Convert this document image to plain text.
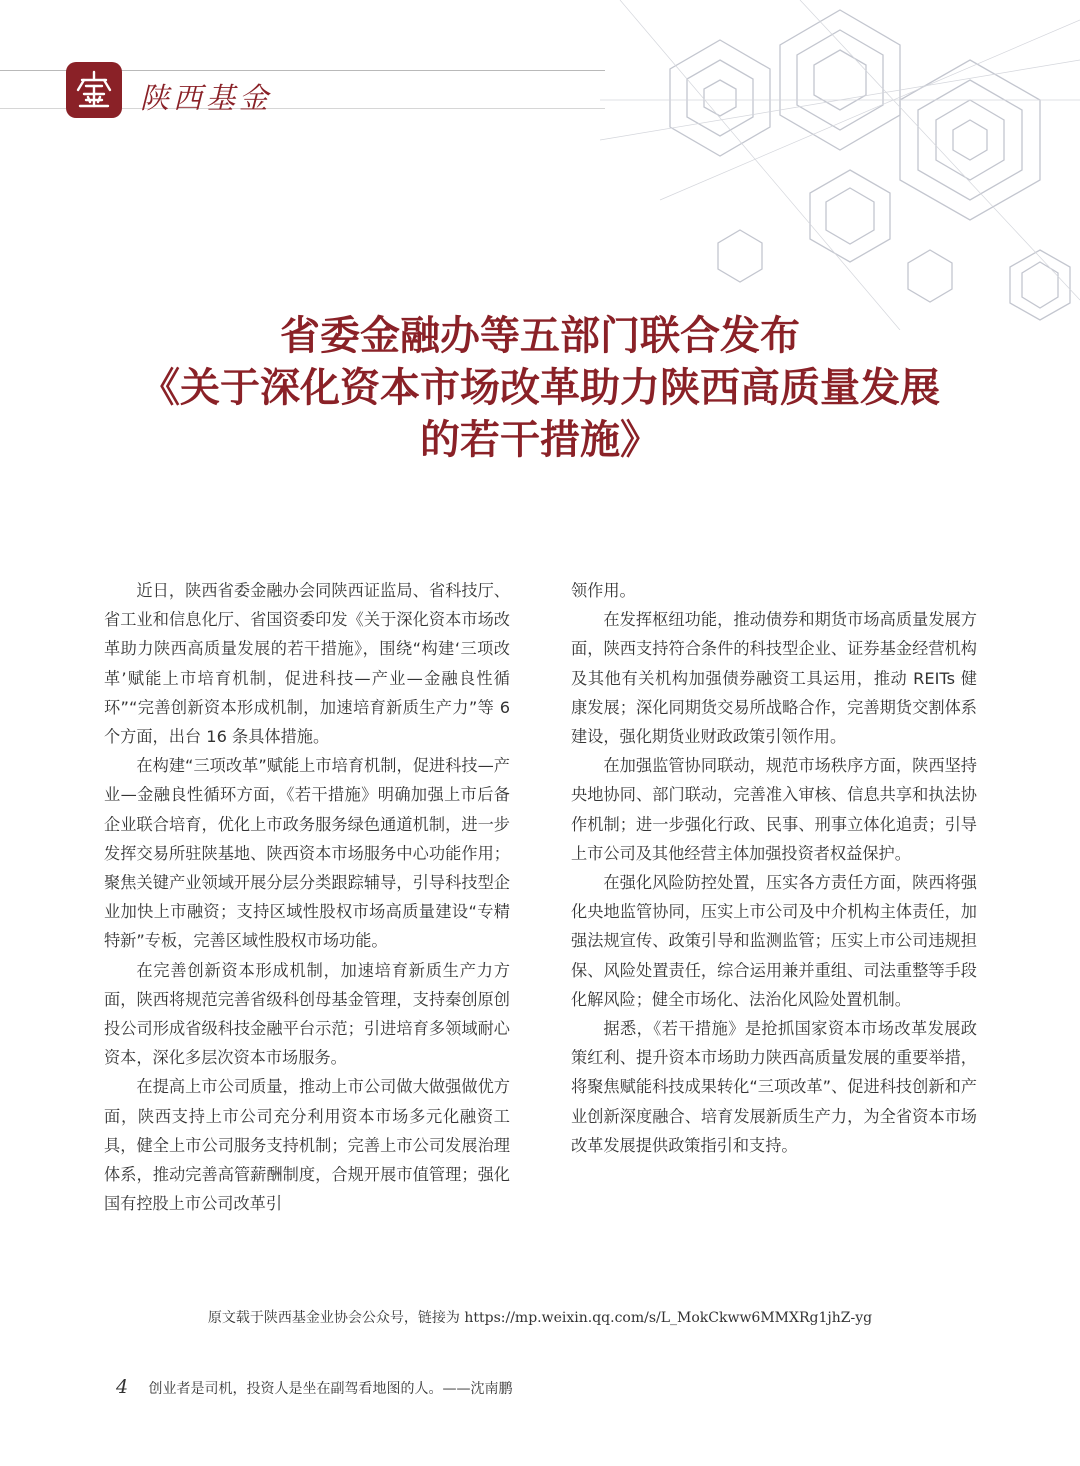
陕西基金
省委金融办等五部门联合发布
《关于深化资本市场改革助力陕西高质量发展
的若干措施》

近日，陕西省委金融办会同陕西证监局、省科技厅、省工业和信息化厅、省国资委印发《关于深化资本市场改革助力陕西高质量发展的若干措施》，围绕“构建‘三项改革’赋能上市培育机制，促进科技—产业—金融良性循环”“完善创新资本形成机制，加速培育新质生产力”等 6 个方面，出台 16 条具体措施。

在构建“三项改革”赋能上市培育机制，促进科技—产业—金融良性循环方面，《若干措施》明确加强上市后备企业联合培育，优化上市政务服务绿色通道机制，进一步发挥交易所驻陕基地、陕西资本市场服务中心功能作用；聚焦关键产业领域开展分层分类跟踪辅导，引导科技型企业加快上市融资；支持区域性股权市场高质量建设“专精特新”专板，完善区域性股权市场功能。

在完善创新资本形成机制，加速培育新质生产力方面，陕西将规范完善省级科创母基金管理，支持秦创原创投公司形成省级科技金融平台示范；引进培育多领域耐心资本，深化多层次资本市场服务。

在提高上市公司质量，推动上市公司做大做强做优方面，陕西支持上市公司充分利用资本市场多元化融资工具，健全上市公司服务支持机制；完善上市公司发展治理体系，推动完善高管薪酬制度，合规开展市值管理；强化国有控股上市公司改革引

领作用。

在发挥枢纽功能，推动债券和期货市场高质量发展方面，陕西支持符合条件的科技型企业、证券基金经营机构及其他有关机构加强债券融资工具运用，推动 REITs 健康发展；深化同期货交易所战略合作，完善期货交割体系建设，强化期货业财政政策引领作用。

在加强监管协同联动，规范市场秩序方面，陕西坚持央地协同、部门联动，完善准入审核、信息共享和执法协作机制；进一步强化行政、民事、刑事立体化追责；引导上市公司及其他经营主体加强投资者权益保护。

在强化风险防控处置，压实各方责任方面，陕西将强化央地监管协同，压实上市公司及中介机构主体责任，加强法规宣传、政策引导和监测监管；压实上市公司违规担保、风险处置责任，综合运用兼并重组、司法重整等手段化解风险；健全市场化、法治化风险处置机制。

据悉，《若干措施》是抢抓国家资本市场改革发展政策红利、提升资本市场助力陕西高质量发展的重要举措，将聚焦赋能科技成果转化“三项改革”、促进科技创新和产业创新深度融合、培育发展新质生产力，为全省资本市场改革发展提供政策指引和支持。

原文载于陕西基金业协会公众号，链接为 https://mp.weixin.qq.com/s/L_MokCkww6MMXRg1jhZ-yg
4 创业者是司机，投资人是坐在副驾看地图的人。——沈南鹏
